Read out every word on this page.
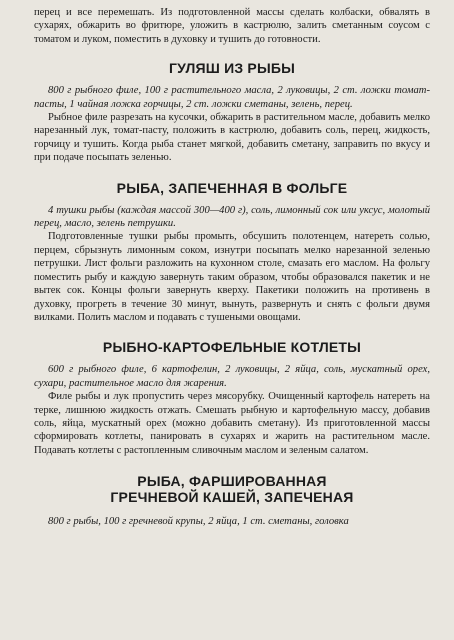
перец и все перемешать. Из подготовленной массы сделать колбаски, обвалять в сухарях, обжарить во фритюре, уложить в кастрюлю, залить сметанным соусом с томатом и луком, поместить в духовку и тушить до готовности.

ГУЛЯШ ИЗ РЫБЫ

800 г рыбного филе, 100 г растительного масла, 2 луковицы, 2 ст. ложки томат-пасты, 1 чайная ложка горчицы, 2 ст. ложки сметаны, зелень, перец.

Рыбное филе разрезать на кусочки, обжарить в растительном масле, добавить мелко нарезанный лук, томат-пасту, положить в кастрюлю, добавить соль, перец, жидкость, горчицу и тушить. Когда рыба станет мягкой, добавить сметану, заправить по вкусу и при подаче посыпать зеленью.

РЫБА, ЗАПЕЧЕННАЯ В ФОЛЬГЕ

4 тушки рыбы (каждая массой 300—400 г), соль, лимонный сок или уксус, молотый перец, масло, зелень петрушки.

Подготовленные тушки рыбы промыть, обсушить полотенцем, натереть солью, перцем, сбрызнуть лимонным соком, изнутри посыпать мелко нарезанной зеленью петрушки. Лист фольги разложить на кухонном столе, смазать его маслом. На фольгу поместить рыбу и каждую завернуть таким образом, чтобы образовался пакетик и не вытек сок. Концы фольги завернуть кверху. Пакетики положить на противень в духовку, прогреть в течение 30 минут, вынуть, развернуть и снять с фольги двумя вилками. Полить маслом и подавать с тушеными овощами.

РЫБНО-КАРТОФЕЛЬНЫЕ КОТЛЕТЫ

600 г рыбного филе, 6 картофелин, 2 луковицы, 2 яйца, соль, мускатный орех, сухари, растительное масло для жарения.

Филе рыбы и лук пропустить через мясорубку. Очищенный картофель натереть на терке, лишнюю жидкость отжать. Смешать рыбную и картофельную массу, добавив соль, яйца, мускатный орех (можно добавить сметану). Из приготовленной массы сформировать котлеты, панировать в сухарях и жарить на растительном масле. Подавать котлеты с растопленным сливочным маслом и зеленым салатом.

РЫБА, ФАРШИРОВАННАЯ
ГРЕЧНЕВОЙ КАШЕЙ, ЗАПЕЧЕНАЯ

800 г рыбы, 100 г гречневой крупы, 2 яйца, 1 ст. сметаны, головка
